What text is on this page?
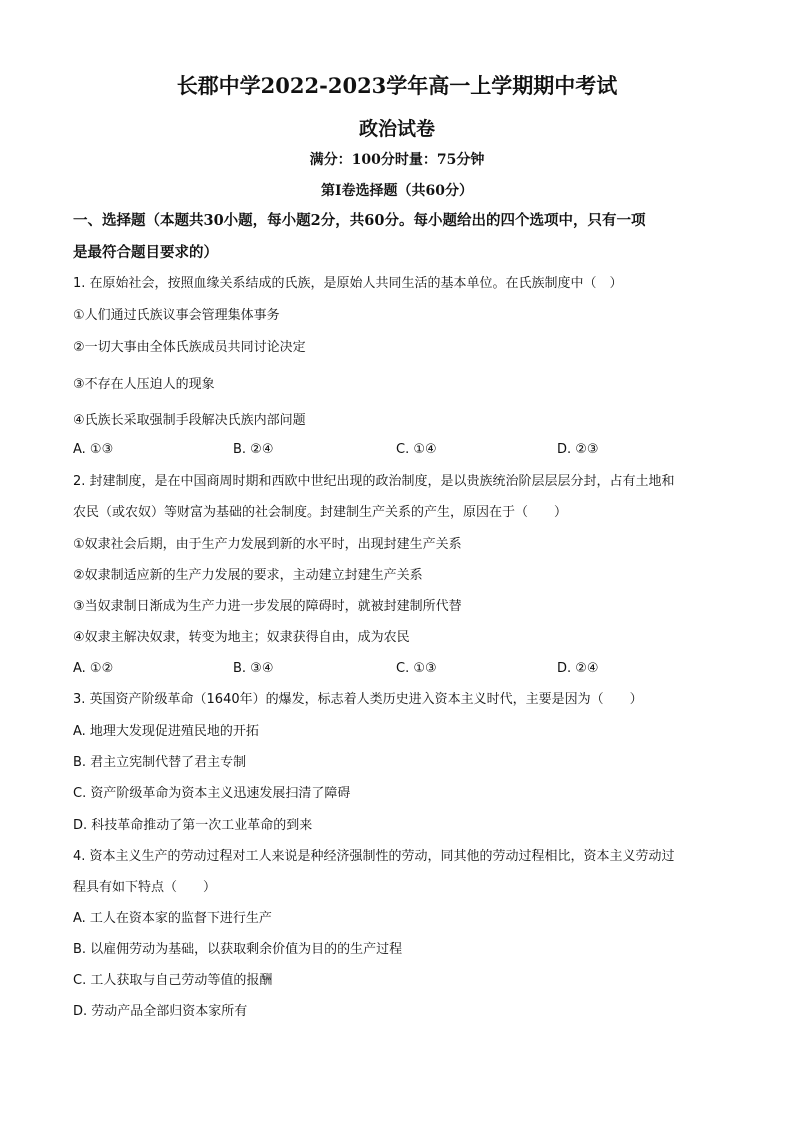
长郡中学2022-2023学年高一上学期期中考试
政治试卷
满分：100分时量：75分钟
第Ⅰ卷选择题（共60分）
一、选择题（本题共30小题，每小题2分，共60分。每小题给出的四个选项中，只有一项
是最符合题目要求的）
1. 在原始社会，按照血缘关系结成的氏族，是原始人共同生活的基本单位。在氏族制度中（　）
①人们通过氏族议事会管理集体事务
②一切大事由全体氏族成员共同讨论决定
③不存在人压迫人的现象
④氏族长采取强制手段解决氏族内部问题
A. ①③	B. ②④	C. ①④	D. ②③
2. 封建制度，是在中国商周时期和西欧中世纪出现的政治制度，是以贵族统治阶层层层分封，占有土地和
农民（或农奴）等财富为基础的社会制度。封建制生产关系的产生，原因在于（　　）
①奴隶社会后期，由于生产力发展到新的水平时，出现封建生产关系
②奴隶制适应新的生产力发展的要求，主动建立封建生产关系
③当奴隶制日渐成为生产力进一步发展的障碍时，就被封建制所代替
④奴隶主解决奴隶，转变为地主；奴隶获得自由，成为农民
A. ①②	B. ③④	C. ①③	D. ②④
3. 英国资产阶级革命（1640年）的爆发，标志着人类历史进入资本主义时代，主要是因为（　　）
A. 地理大发现促进殖民地的开拓
B. 君主立宪制代替了君主专制
C. 资产阶级革命为资本主义迅速发展扫清了障碍
D. 科技革命推动了第一次工业革命的到来
4. 资本主义生产的劳动过程对工人来说是种经济强制性的劳动，同其他的劳动过程相比，资本主义劳动过
程具有如下特点（　　）
A. 工人在资本家的监督下进行生产
B. 以雇佣劳动为基础，以获取剩余价值为目的的生产过程
C. 工人获取与自己劳动等值的报酬
D. 劳动产品全部归资本家所有
